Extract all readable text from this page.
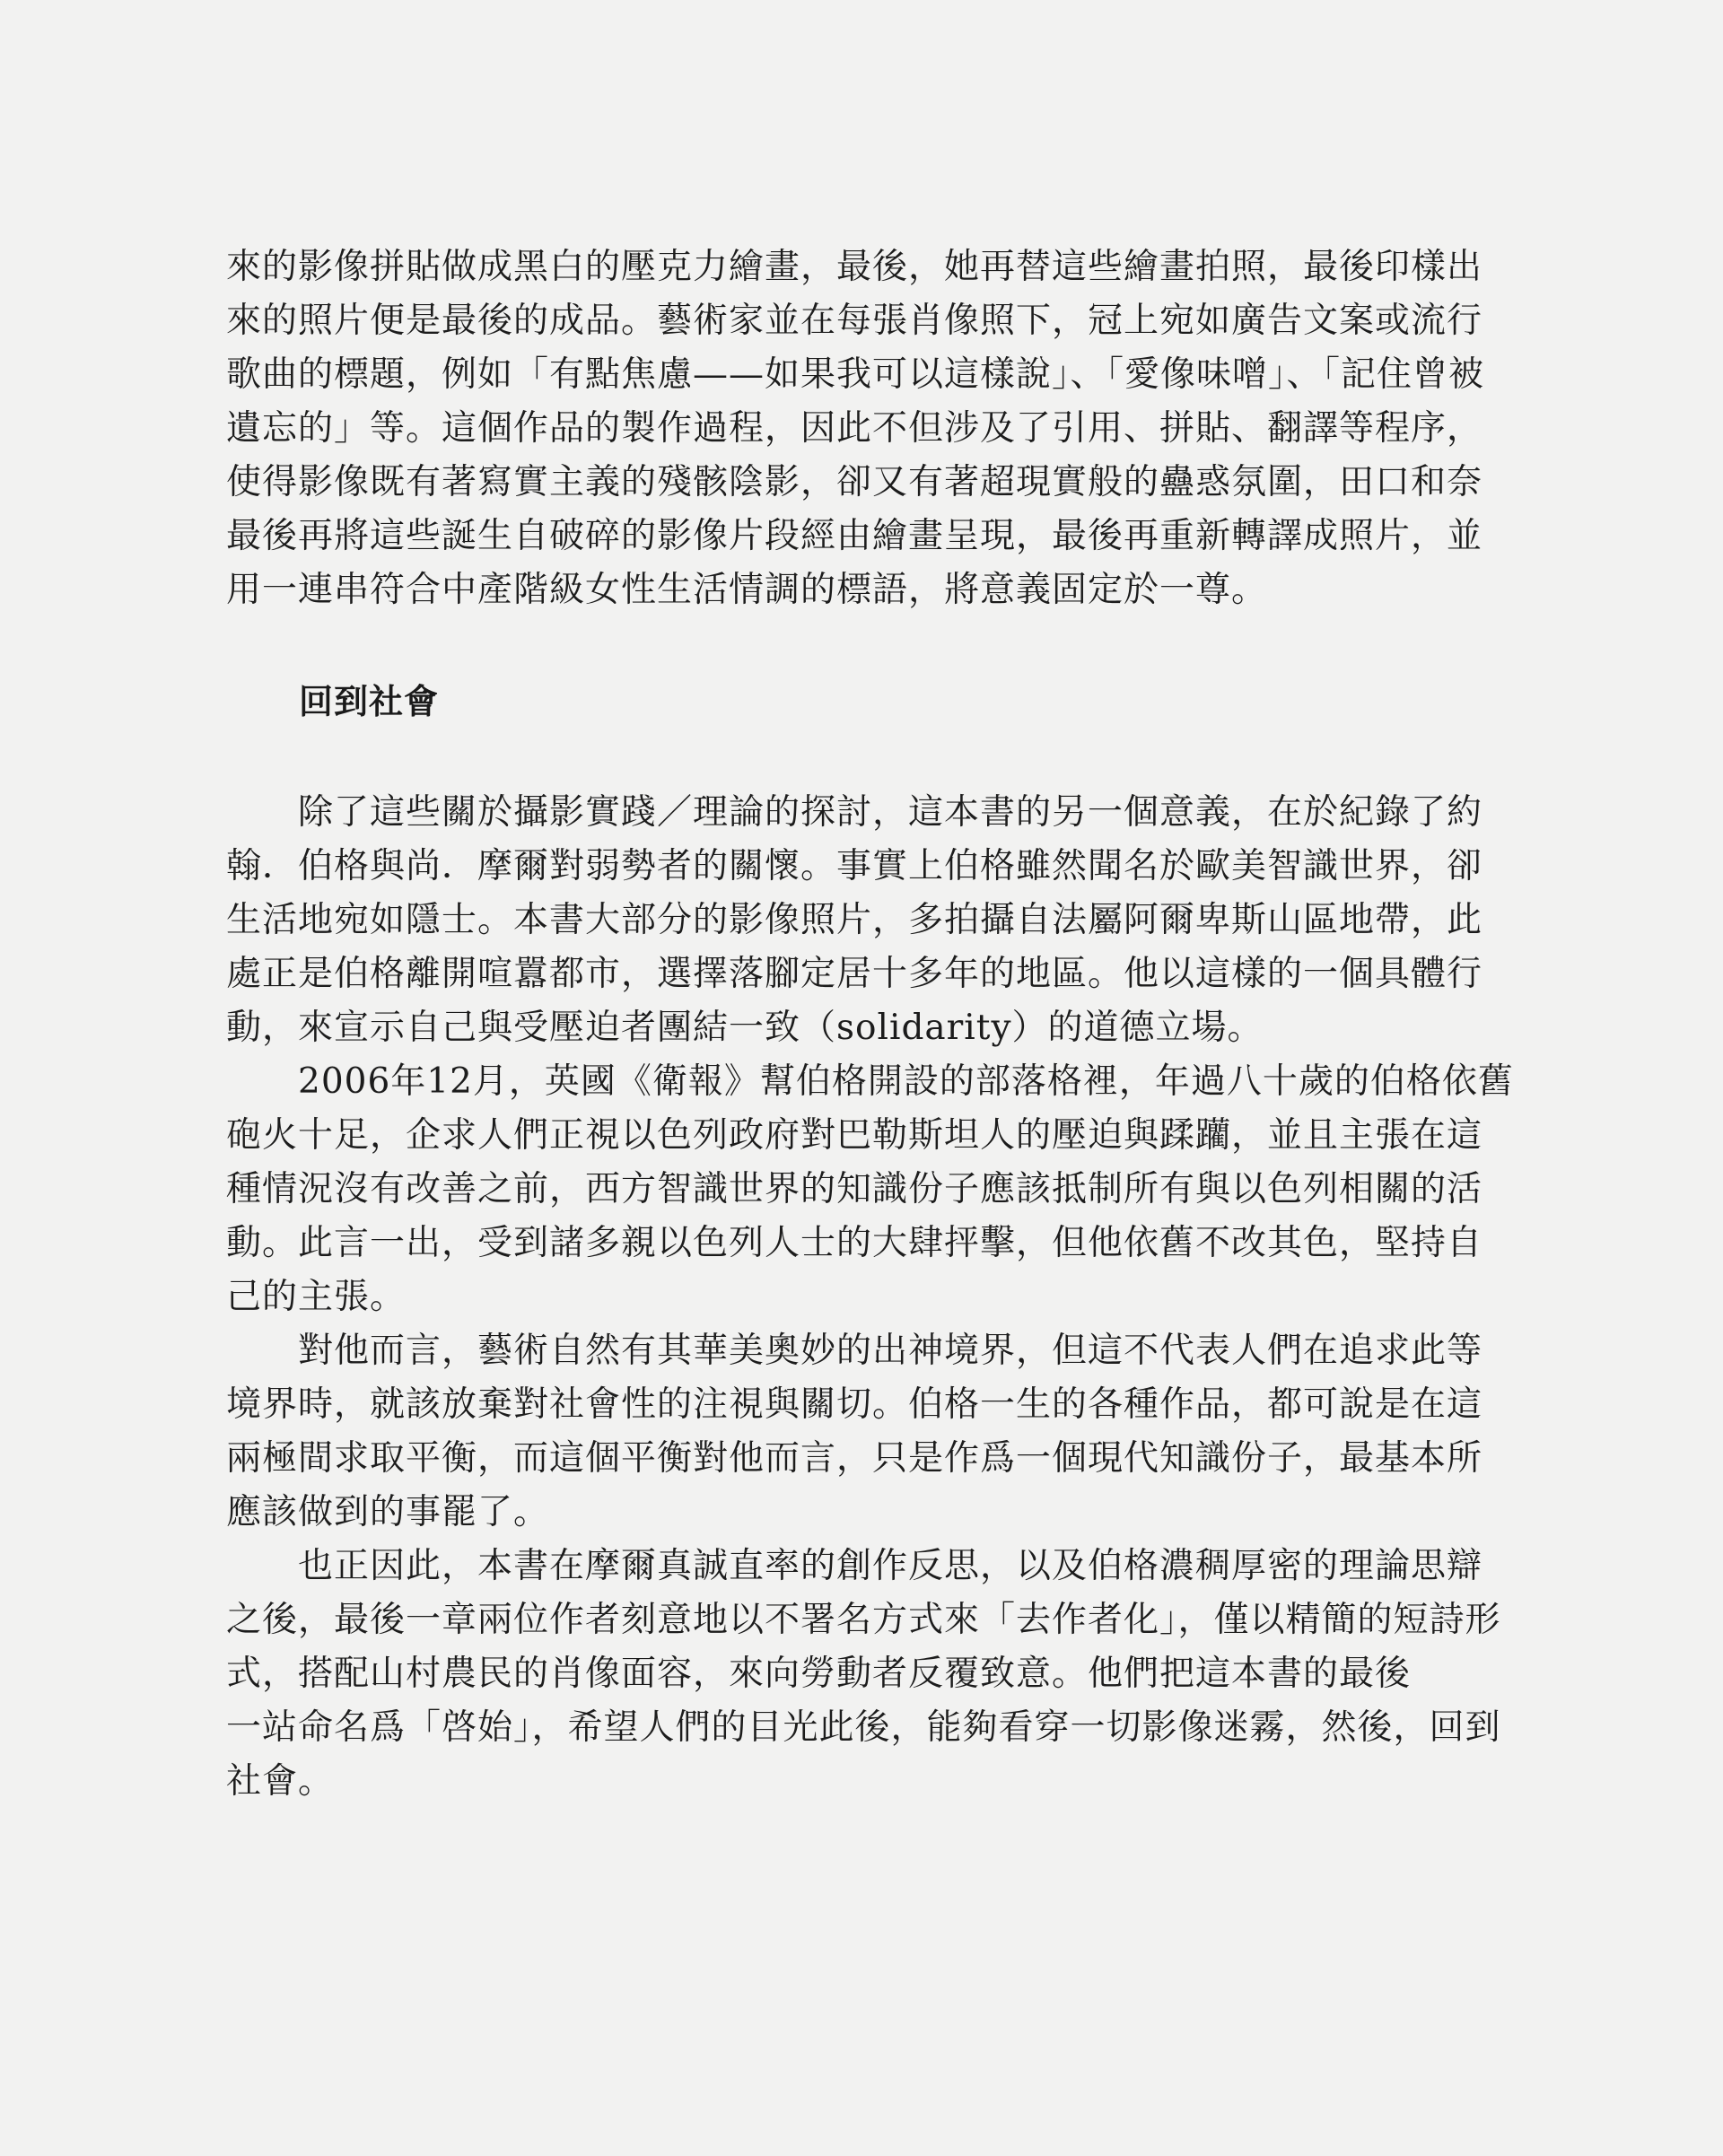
來的影像拼貼做成黑白的壓克力繪畫，最後，她再替這些繪畫拍照，最後印樣出
來的照片便是最後的成品。藝術家並在每張肖像照下，冠上宛如廣告文案或流行
歌曲的標題，例如「有點焦慮——如果我可以這樣說」、「愛像味噌」、「記住曾被
遺忘的」等。這個作品的製作過程，因此不但涉及了引用、拼貼、翻譯等程序，
使得影像既有著寫實主義的殘骸陰影，卻又有著超現實般的蠱惑氛圍，田口和奈
最後再將這些誕生自破碎的影像片段經由繪畫呈現，最後再重新轉譯成照片，並
用一連串符合中產階級女性生活情調的標語，將意義固定於一尊。
回到社會
　　除了這些關於攝影實踐／理論的探討，這本書的另一個意義，在於紀錄了約
翰．伯格與尚．摩爾對弱勢者的關懷。事實上伯格雖然聞名於歐美智識世界，卻
生活地宛如隱士。本書大部分的影像照片，多拍攝自法屬阿爾卑斯山區地帶，此
處正是伯格離開喧囂都市，選擇落腳定居十多年的地區。他以這樣的一個具體行
動，來宣示自己與受壓迫者團結一致（solidarity）的道德立場。
　　2006年12月，英國《衛報》幫伯格開設的部落格裡，年過八十歲的伯格依舊
砲火十足，企求人們正視以色列政府對巴勒斯坦人的壓迫與蹂躪，並且主張在這
種情況沒有改善之前，西方智識世界的知識份子應該抵制所有與以色列相關的活
動。此言一出，受到諸多親以色列人士的大肆抨擊，但他依舊不改其色，堅持自
己的主張。
　　對他而言，藝術自然有其華美奧妙的出神境界，但這不代表人們在追求此等
境界時，就該放棄對社會性的注視與關切。伯格一生的各種作品，都可說是在這
兩極間求取平衡，而這個平衡對他而言，只是作爲一個現代知識份子，最基本所
應該做到的事罷了。
　　也正因此，本書在摩爾真誠直率的創作反思，以及伯格濃稠厚密的理論思辯
之後，最後一章兩位作者刻意地以不署名方式來「去作者化」，僅以精簡的短詩形
式，搭配山村農民的肖像面容，來向勞動者反覆致意。他們把這本書的最後
一站命名爲「啓始」，希望人們的目光此後，能夠看穿一切影像迷霧，然後，回到
社會。
